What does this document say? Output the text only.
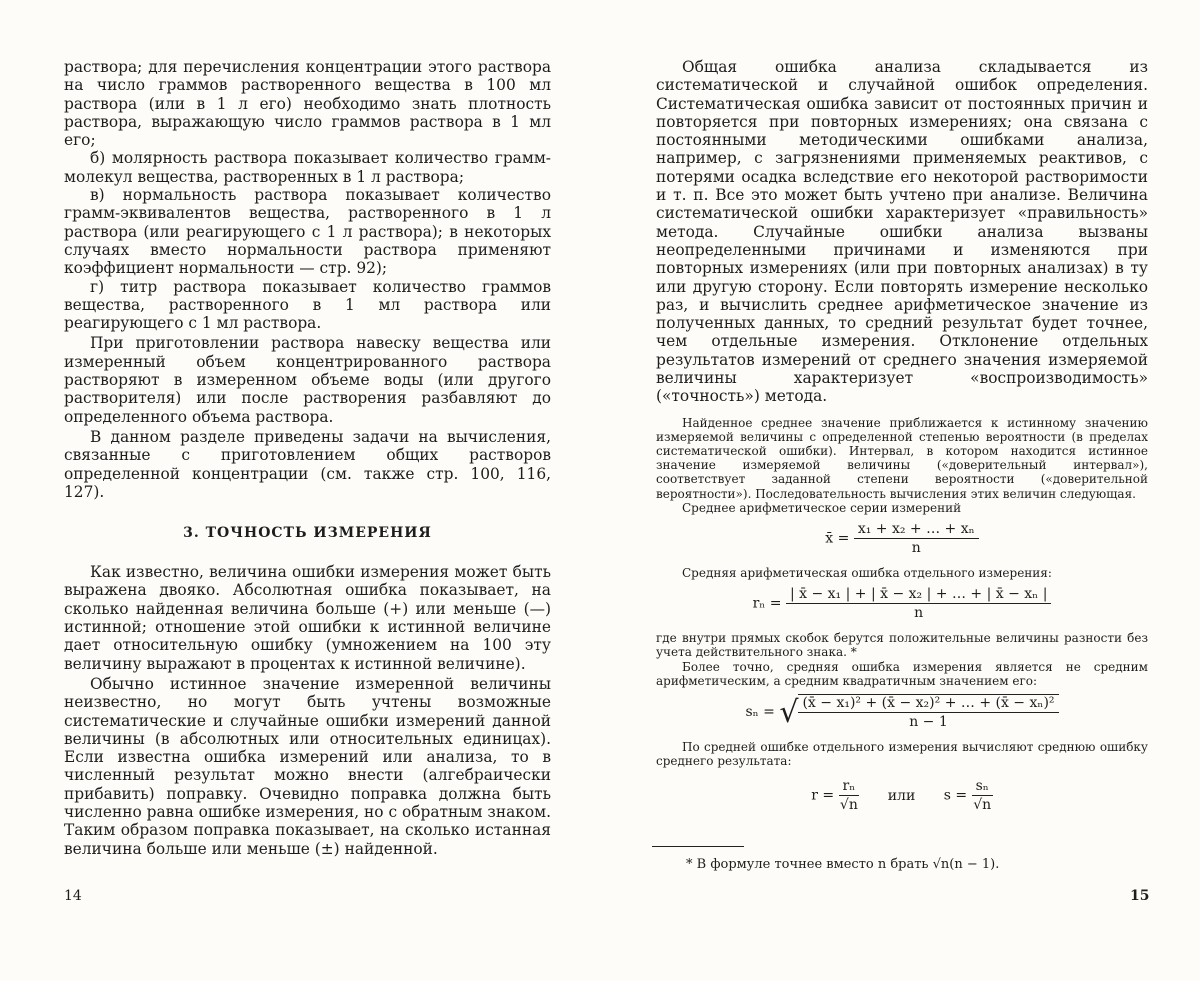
раствора; для перечисления концентрации этого раствора на число граммов растворенного вещества в 100 мл раствора (или в 1 л его) необходимо знать плотность раствора, выражающую число граммов раствора в 1 мл его;

б) молярность раствора показывает количество грамм-молекул вещества, растворенных в 1 л раствора;

в) нормальность раствора показывает количество грамм-эквивалентов вещества, растворенного в 1 л раствора (или реагирующего с 1 л раствора); в некоторых случаях вместо нормальности раствора применяют коэффициент нормальности — стр. 92);

г) титр раствора показывает количество граммов вещества, растворенного в 1 мл раствора или реагирующего с 1 мл раствора.

При приготовлении раствора навеску вещества или измеренный объем концентрированного раствора растворяют в измеренном объеме воды (или другого растворителя) или после растворения разбавляют до определенного объема раствора.

В данном разделе приведены задачи на вычисления, связанные с приготовлением общих растворов определенной концентрации (см. также стр. 100, 116, 127).

3. ТОЧНОСТЬ ИЗМЕРЕНИЯ

Как известно, величина ошибки измерения может быть выражена двояко. Абсолютная ошибка показывает, на сколько найденная величина больше (+) или меньше (—) истинной; отношение этой ошибки к истинной величине дает относительную ошибку (умножением на 100 эту величину выражают в процентах к истинной величине).

Обычно истинное значение измеренной величины неизвестно, но могут быть учтены возможные систематические и случайные ошибки измерений данной величины (в абсолютных или относительных единицах). Если известна ошибка измерений или анализа, то в численный результат можно внести (алгебраически прибавить) поправку. Очевидно поправка должна быть численно равна ошибке измерения, но с обратным знаком. Таким образом поправка показывает, на сколько истанная величина больше или меньше (±) найденной.

14

Общая ошибка анализа складывается из систематической и случайной ошибок определения. Систематическая ошибка зависит от постоянных причин и повторяется при повторных измерениях; она связана с постоянными методическими ошибками анализа, например, с загрязнениями применяемых реактивов, с потерями осадка вследствие его некоторой растворимости и т. п. Все это может быть учтено при анализе. Величина систематической ошибки характеризует «правильность» метода. Случайные ошибки анализа вызваны неопределенными причинами и изменяются при повторных измерениях (или при повторных анализах) в ту или другую сторону. Если повторять измерение несколько раз, и вычислить среднее арифметическое значение из полученных данных, то средний результат будет точнее, чем отдельные измерения. Отклонение отдельных результатов измерений от среднего значения измеряемой величины характеризует «воспроизводимость» («точность») метода.

Найденное среднее значение приближается к истинному значению измеряемой величины с определенной степенью вероятности (в пределах систематической ошибки). Интервал, в котором находится истинное значение измеряемой величины («доверительный интервал»), соответствует заданной степени вероятности («доверительной вероятности»). Последовательность вычисления этих величин следующая.

Среднее арифметическое серии измерений

x̄ = $\frac{\text{x₁ + x₂ + … + xₙ}}{n}$

Средняя арифметическая ошибка отдельного измерения:

$r_n = \frac{\text{| x̄ − x₁ | + | x̄ − x₂ | + … + | x̄ − xₙ |}}{n}$

где внутри прямых скобок берутся положительные величины разности без учета действительного знака. *

Более точно, средняя ошибка измерения является не средним арифметическим, а средним квадратичным значением его:

sₙ = √ $\frac{\text{(x̄ − x₁)² + (x̄ − x₂)² + … + (x̄ − xₙ)²}}{n - 1}$

По средней ошибке отдельного измерения вычисляют среднюю ошибку среднего результата:

$r = \frac{\text{rₙ}}{√n}$ или $s = \frac{\text{sₙ}}{√n}$
* В формуле точнее вместо n брать √n(n − 1).
15
